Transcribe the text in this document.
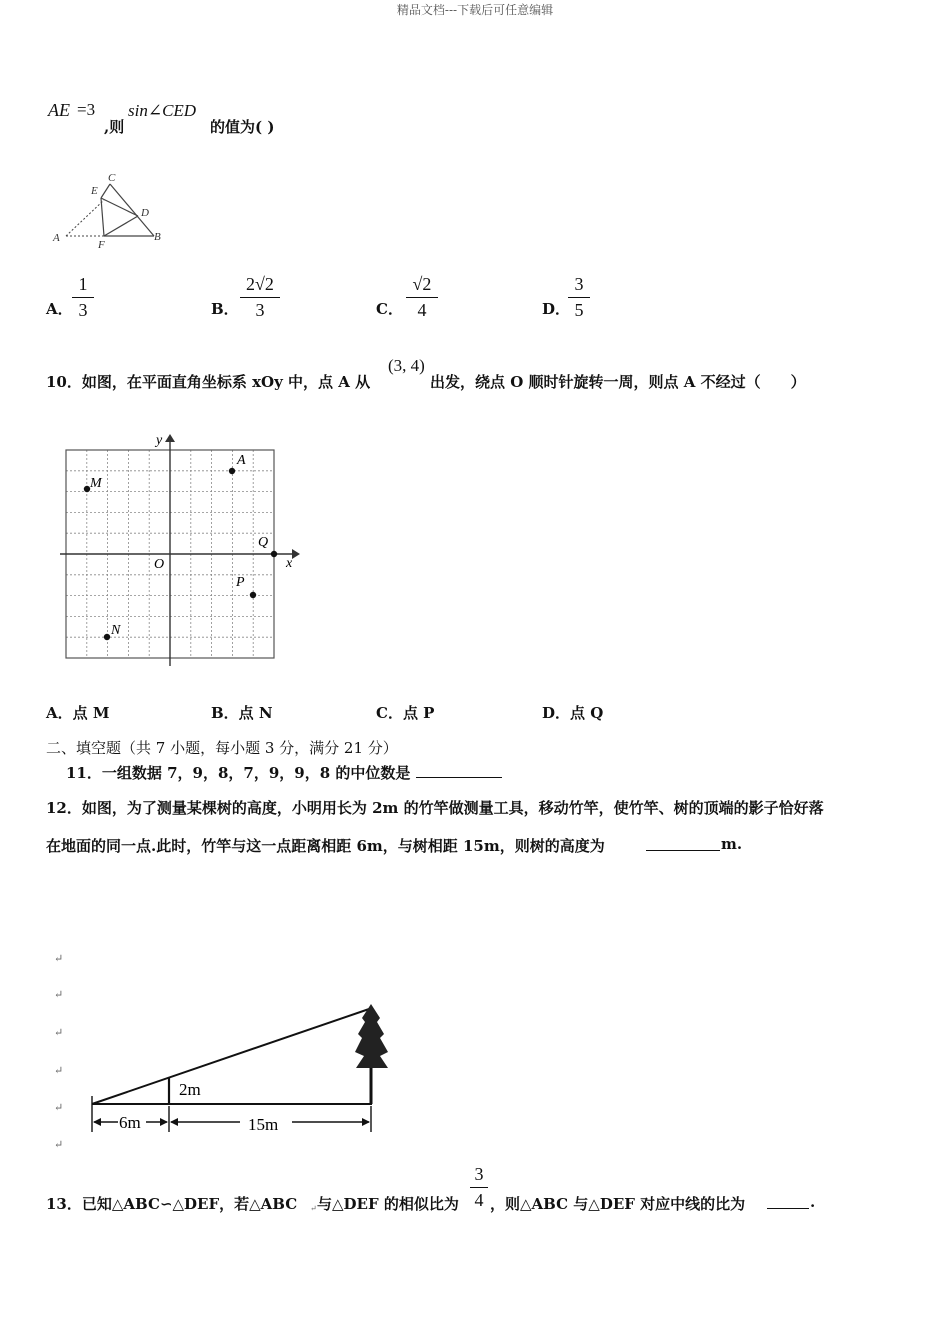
精品文档---下载后可任意编辑
AE =3
,则
sin∠CED
的值为( )
C
E
D
A
F
B
A．
1
3	B．
2√2
3	C．
√2
4	D．
3
5
10．如图，在平面直角坐标系 xOy 中，点 A 从
(3, 4)
出发，绕点 O 顺时针旋转一周，则点 A 不经过（　　）
y
x
O
A
M
Q
P
N
A．点 M	B．点 N	C．点 P	D．点 Q
二、填空题（共 7 小题，每小题 3 分，满分 21 分）
11．一组数据 7，9，8，7，9，9，8 的中位数是
12．如图，为了测量某棵树的高度，小明用长为 2m 的竹竿做测量工具，移动竹竿，使竹竿、树的顶端的影子恰好落
在地面的同一点.此时，竹竿与这一点距离相距 6m，与树相距 15m，则树的高度为	m.
↵
↵
↵
↵
↵
↵
2m
6m	15m
13．已知△ABC∽△DEF，若△ABC ↵ 与△DEF 的相似比为
3
4 ，则△ABC 与△DEF 对应中线的比为	.
